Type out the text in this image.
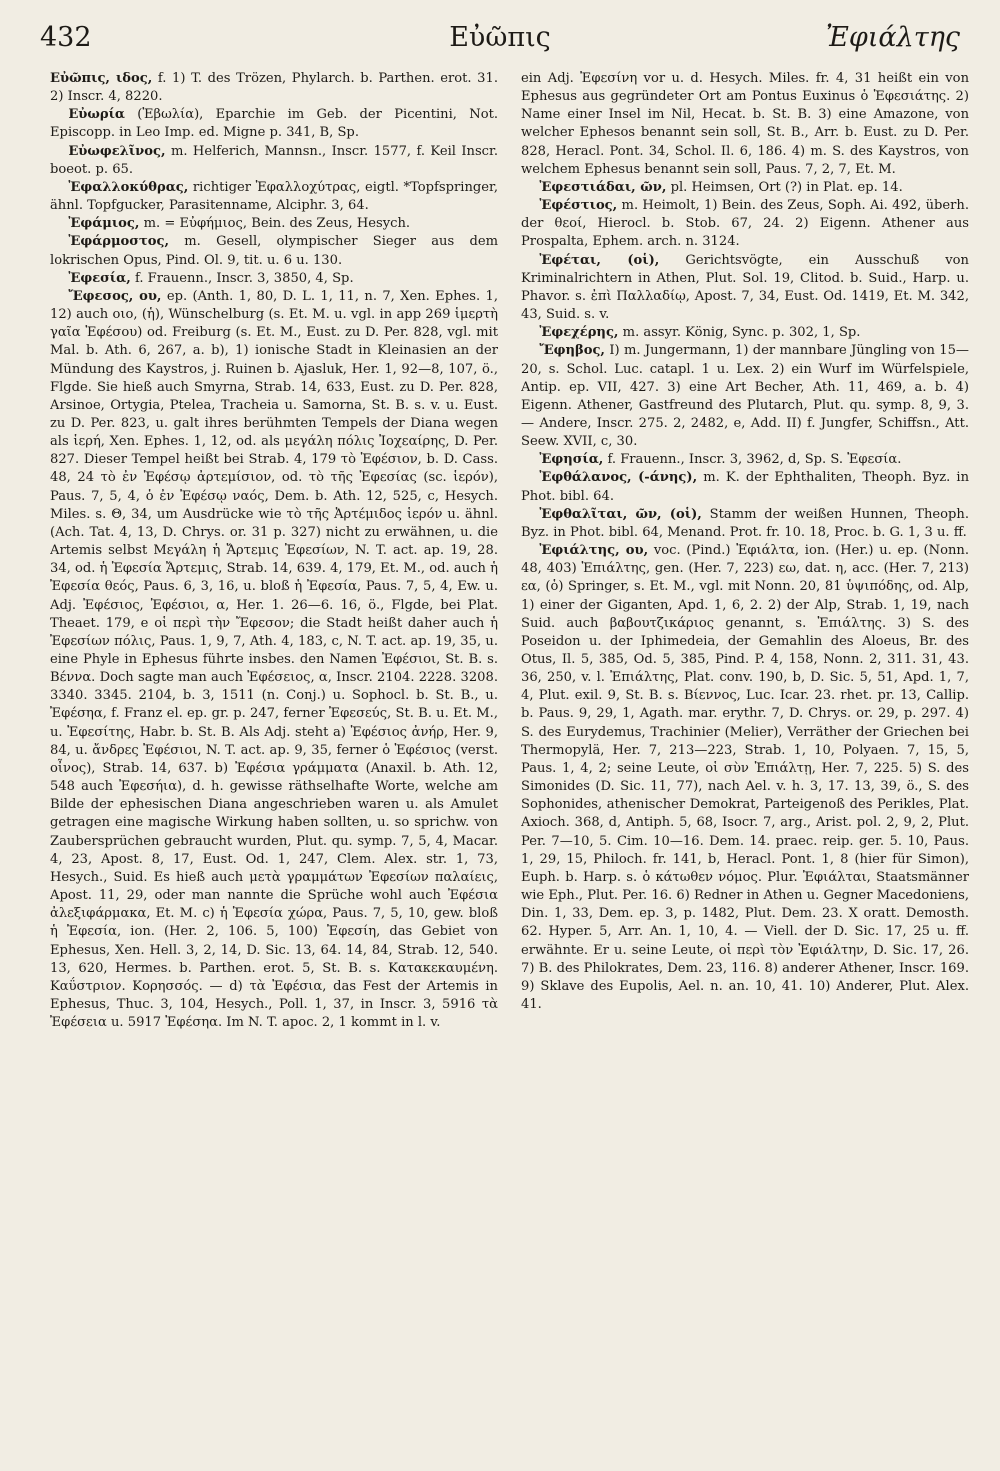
432	Εὐῶπις	Ἐφιάλτης

Εὐῶπις, ιδος, f. 1) T. des Trözen, Phylarch. b. Parthen. erot. 31. 2) Inscr. 4, 8220.

Εὐωρία (Ἐβωλία), Eparchie im Geb. der Picentini, Not. Episcopp. in Leo Imp. ed. Migne p. 341, B, Sp.

Εὐωφελῖνος, m. Helferich, Mannsn., Inscr. 1577, f. Keil Inscr. boeot. p. 65.

Ἐφαλλοκύθρας, richtiger Ἐφαλλοχύτρας, eigtl. *Topfspringer, ähnl. Topfgucker, Parasitenname, Alciphr. 3, 64.

Ἐφάμιος, m. = Εὐφήμιος, Bein. des Zeus, Hesych.

Ἐφάρμοστος, m. Gesell, olympischer Sieger aus dem lokrischen Opus, Pind. Ol. 9, tit. u. 6 u. 130.

Ἐφεσία, f. Frauenn., Inscr. 3, 3850, 4, Sp.

Ἔφεσος, ου, ep. (Anth. 1, 80, D. L. 1, 11, n. 7, Xen. Ephes. 1, 12) auch οιο, (ἡ), Wünschelburg (s. Et. M. u. vgl. in app 269 ἱμερτὴ γαῖα Ἐφέσου) od. Freiburg (s. Et. M., Eust. zu D. Per. 828, vgl. mit Mal. b. Ath. 6, 267, a. b), 1) ionische Stadt in Kleinasien an der Mündung des Kaystros, j. Ruinen b. Ajasluk, Her. 1, 92—8, 107, ö., Flgde. Sie hieß auch Smyrna, Strab. 14, 633, Eust. zu D. Per. 828, Arsinoe, Ortygia, Ptelea, Tracheia u. Samorna, St. B. s. v. u. Eust. zu D. Per. 823, u. galt ihres berühmten Tempels der Diana wegen als ἱερή, Xen. Ephes. 1, 12, od. als μεγάλη πόλις Ἰοχεαίρης, D. Per. 827. Dieser Tempel heißt bei Strab. 4, 179 τὸ Ἐφέσιον, b. D. Cass. 48, 24 τὸ ἐν Ἐφέσῳ ἀρτεμίσιον, od. τὸ τῆς Ἐφεσίας (sc. ἱερόν), Paus. 7, 5, 4, ὁ ἐν Ἐφέσῳ ναός, Dem. b. Ath. 12, 525, c, Hesych. Miles. s. Θ, 34, um Ausdrücke wie τὸ τῆς Ἀρτέμιδος ἱερόν u. ähnl. (Ach. Tat. 4, 13, D. Chrys. or. 31 p. 327) nicht zu erwähnen, u. die Artemis selbst Μεγάλη ἡ Ἄρτεμις Ἐφεσίων, N. T. act. ap. 19, 28. 34, od. ἡ Ἐφεσία Ἄρτεμις, Strab. 14, 639. 4, 179, Et. M., od. auch ἡ Ἐφεσία θεός, Paus. 6, 3, 16, u. bloß ἡ Ἐφεσία, Paus. 7, 5, 4, Ew. u. Adj. Ἐφέσιος, Ἐφέσιοι, α, Her. 1. 26—6. 16, ö., Flgde, bei Plat. Theaet. 179, e οἱ περὶ τὴν Ἔφεσον; die Stadt heißt daher auch ἡ Ἐφεσίων πόλις, Paus. 1, 9, 7, Ath. 4, 183, c, N. T. act. ap. 19, 35, u. eine Phyle in Ephesus führte insbes. den Namen Ἐφέσιοι, St. B. s. Βέννα. Doch sagte man auch Ἐφέσειος, α, Inscr. 2104. 2228. 3208. 3340. 3345. 2104, b. 3, 1511 (n. Conj.) u. Sophocl. b. St. B., u. Ἐφέσηα, f. Franz el. ep. gr. p. 247, ferner Ἐφεσεύς, St. B. u. Et. M., u. Ἐφεσίτης, Habr. b. St. B. Als Adj. steht a) Ἐφέσιος ἀνήρ, Her. 9, 84, u. ἄνδρες Ἐφέσιοι, N. T. act. ap. 9, 35, ferner ὁ Ἐφέσιος (verst. οἶνος), Strab. 14, 637. b) Ἐφέσια γράμματα (Anaxil. b. Ath. 12, 548 auch Ἐφεσήια), d. h. gewisse räthselhafte Worte, welche am Bilde der ephesischen Diana angeschrieben waren u. als Amulet getragen eine magische Wirkung haben sollten, u. so sprichw. von Zaubersprüchen gebraucht wurden, Plut. qu. symp. 7, 5, 4, Macar. 4, 23, Apost. 8, 17, Eust. Od. 1, 247, Clem. Alex. str. 1, 73, Hesych., Suid. Es hieß auch μετὰ γραμμάτων Ἐφεσίων παλαίεις, Apost. 11, 29, oder man nannte die Sprüche wohl auch Ἐφέσια ἀλεξιφάρμακα, Et. M. c) ἡ Ἐφεσία χώρα, Paus. 7, 5, 10, gew. bloß ἡ Ἐφεσία, ion. (Her. 2, 106. 5, 100) Ἐφεσίη, das Gebiet von Ephesus, Xen. Hell. 3, 2, 14, D. Sic. 13, 64. 14, 84, Strab. 12, 540. 13, 620, Hermes. b. Parthen. erot. 5, St. B. s. Κατακεκαυμένη. Καΰστριον. Κορησσός. — d) τὰ Ἐφέσια, das Fest der Artemis in Ephesus, Thuc. 3, 104, Hesych., Poll. 1, 37, in Inscr. 3, 5916 τὰ Ἐφέσεια u. 5917 Ἐφέσηα. Im N. T. apoc. 2, 1 kommt in l. v.

ein Adj. Ἐφεσίνη vor u. d. Hesych. Miles. fr. 4, 31 heißt ein von Ephesus aus gegründeter Ort am Pontus Euxinus ὁ Ἐφεσιάτης. 2) Name einer Insel im Nil, Hecat. b. St. B. 3) eine Amazone, von welcher Ephesos benannt sein soll, St. B., Arr. b. Eust. zu D. Per. 828, Heracl. Pont. 34, Schol. Il. 6, 186. 4) m. S. des Kaystros, von welchem Ephesus benannt sein soll, Paus. 7, 2, 7, Et. M.

Ἐφεστιάδαι, ῶν, pl. Heimsen, Ort (?) in Plat. ep. 14.

Ἐφέστιος, m. Heimolt, 1) Bein. des Zeus, Soph. Ai. 492, überh. der θεοί, Hierocl. b. Stob. 67, 24. 2) Eigenn. Athener aus Prospalta, Ephem. arch. n. 3124.

Ἐφέται, (οἱ), Gerichtsvögte, ein Ausschuß von Kriminalrichtern in Athen, Plut. Sol. 19, Clitod. b. Suid., Harp. u. Phavor. s. ἐπὶ Παλλαδίῳ, Apost. 7, 34, Eust. Od. 1419, Et. M. 342, 43, Suid. s. v.

Ἐφεχέρης, m. assyr. König, Sync. p. 302, 1, Sp.

Ἔφηβος, I) m. Jungermann, 1) der mannbare Jüngling von 15—20, s. Schol. Luc. catapl. 1 u. Lex. 2) ein Wurf im Würfelspiele, Antip. ep. VII, 427. 3) eine Art Becher, Ath. 11, 469, a. b. 4) Eigenn. Athener, Gastfreund des Plutarch, Plut. qu. symp. 8, 9, 3. — Andere, Inscr. 275. 2, 2482, e, Add. II) f. Jungfer, Schiffsn., Att. Seew. XVII, c, 30.

Ἐφησία, f. Frauenn., Inscr. 3, 3962, d, Sp. S. Ἐφεσία.

Ἐφθάλανος, (-άνης), m. K. der Ephthaliten, Theoph. Byz. in Phot. bibl. 64.

Ἐφθαλῖται, ῶν, (οἱ), Stamm der weißen Hunnen, Theoph. Byz. in Phot. bibl. 64, Menand. Prot. fr. 10. 18, Proc. b. G. 1, 3 u. ff.

Ἐφιάλτης, ου, voc. (Pind.) Ἐφιάλτα, ion. (Her.) u. ep. (Nonn. 48, 403) Ἐπιάλτης, gen. (Her. 7, 223) εω, dat. η, acc. (Her. 7, 213) εα, (ὁ) Springer, s. Et. M., vgl. mit Nonn. 20, 81 ὑψιπόδης, od. Alp, 1) einer der Giganten, Apd. 1, 6, 2. 2) der Alp, Strab. 1, 19, nach Suid. auch βαβουτζικάριος genannt, s. Ἐπιάλτης. 3) S. des Poseidon u. der Iphimedeia, der Gemahlin des Aloeus, Br. des Otus, Il. 5, 385, Od. 5, 385, Pind. P. 4, 158, Nonn. 2, 311. 31, 43. 36, 250, v. l. Ἐπιάλτης, Plat. conv. 190, b, D. Sic. 5, 51, Apd. 1, 7, 4, Plut. exil. 9, St. B. s. Βίεννος, Luc. Icar. 23. rhet. pr. 13, Callip. b. Paus. 9, 29, 1, Agath. mar. erythr. 7, D. Chrys. or. 29, p. 297. 4) S. des Eurydemus, Trachinier (Melier), Verräther der Griechen bei Thermopylä, Her. 7, 213—223, Strab. 1, 10, Polyaen. 7, 15, 5, Paus. 1, 4, 2; seine Leute, οἱ σὺν Ἐπιάλτῃ, Her. 7, 225. 5) S. des Simonides (D. Sic. 11, 77), nach Ael. v. h. 3, 17. 13, 39, ö., S. des Sophonides, athenischer Demokrat, Parteigenoß des Perikles, Plat. Axioch. 368, d, Antiph. 5, 68, Isocr. 7, arg., Arist. pol. 2, 9, 2, Plut. Per. 7—10, 5. Cim. 10—16. Dem. 14. praec. reip. ger. 5. 10, Paus. 1, 29, 15, Philoch. fr. 141, b, Heracl. Pont. 1, 8 (hier für Simon), Euph. b. Harp. s. ὁ κάτωθεν νόμος. Plur. Ἐφιάλται, Staatsmänner wie Eph., Plut. Per. 16. 6) Redner in Athen u. Gegner Macedoniens, Din. 1, 33, Dem. ep. 3, p. 1482, Plut. Dem. 23. X oratt. Demosth. 62. Hyper. 5, Arr. An. 1, 10, 4. — Viell. der D. Sic. 17, 25 u. ff. erwähnte. Er u. seine Leute, οἱ περὶ τὸν Ἐφιάλτην, D. Sic. 17, 26. 7) B. des Philokrates, Dem. 23, 116. 8) anderer Athener, Inscr. 169. 9) Sklave des Eupolis, Ael. n. an. 10, 41. 10) Anderer, Plut. Alex. 41.
